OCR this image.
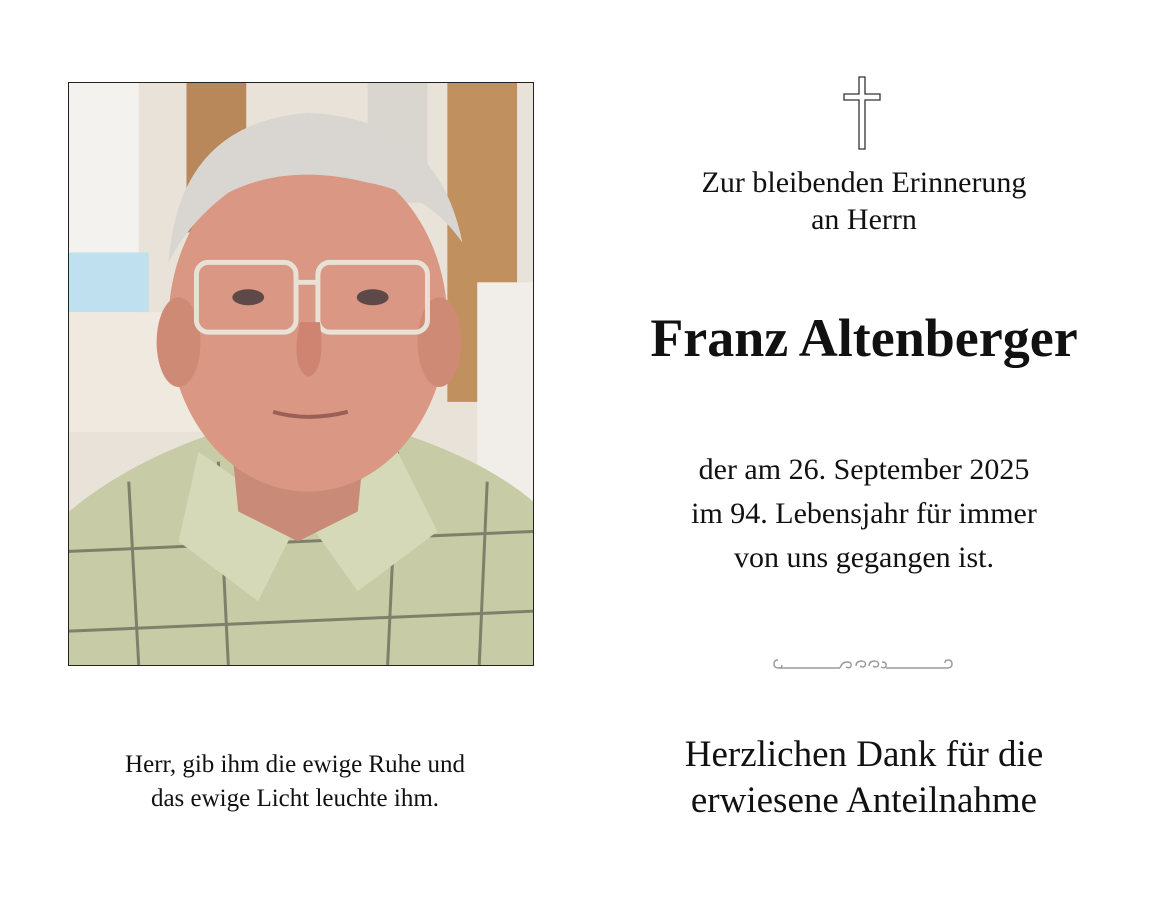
Herr, gib ihm die ewige Ruhe und
das ewige Licht leuchte ihm.
Zur bleibenden Erinnerung
an Herrn
Franz Altenberger
der am 26. September 2025
im 94. Lebensjahr für immer
von uns gegangen ist.
Herzlichen Dank für die
erwiesene Anteilnahme
